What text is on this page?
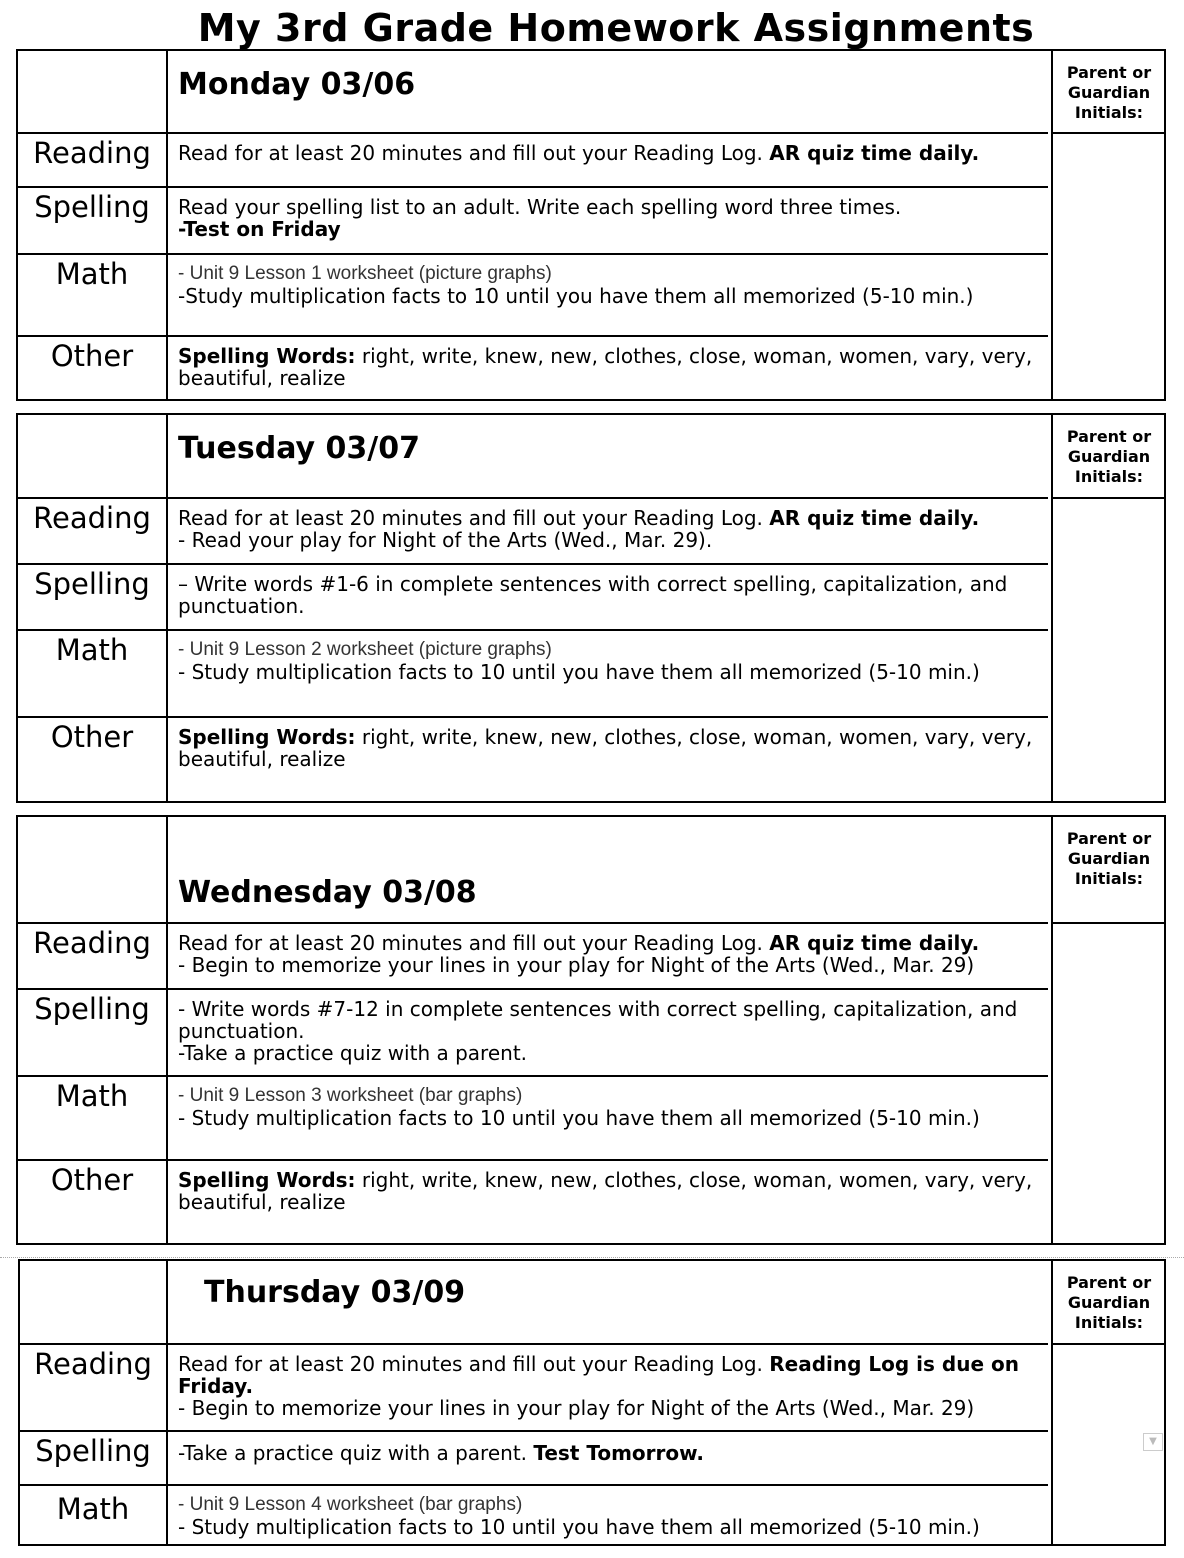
My 3rd Grade Homework Assignments
Monday 03/06	Parent or Guardian Initials:
Reading	Read for at least 20 minutes and fill out your Reading Log. AR quiz time daily.
Spelling	Read your spelling list to an adult. Write each spelling word three times.
-Test on Friday
Math	- Unit 9 Lesson 1 worksheet (picture graphs)
-Study multiplication facts to 10 until you have them all memorized (5-10 min.)
Other	Spelling Words: right, write, knew, new, clothes, close, woman, women, vary, very, beautiful, realize
Tuesday 03/07	Parent or Guardian Initials:
Reading	Read for at least 20 minutes and fill out your Reading Log. AR quiz time daily.
- Read your play for Night of the Arts (Wed., Mar. 29).
Spelling	– Write words #1-6 in complete sentences with correct spelling, capitalization, and punctuation.
Math	- Unit 9 Lesson 2 worksheet (picture graphs)
- Study multiplication facts to 10 until you have them all memorized (5-10 min.)
Other	Spelling Words: right, write, knew, new, clothes, close, woman, women, vary, very, beautiful, realize
Wednesday 03/08
Parent or Guardian Initials:
Reading	Read for at least 20 minutes and fill out your Reading Log. AR quiz time daily.
- Begin to memorize your lines in your play for Night of the Arts (Wed., Mar. 29)
Spelling	- Write words #7-12 in complete sentences with correct spelling, capitalization, and punctuation.
-Take a practice quiz with a parent.
Math	- Unit 9 Lesson 3 worksheet (bar graphs)
- Study multiplication facts to 10 until you have them all memorized (5-10 min.)
Other	Spelling Words: right, write, knew, new, clothes, close, woman, women, vary, very, beautiful, realize
Thursday 03/09	Parent or Guardian Initials:
Reading	Read for at least 20 minutes and fill out your Reading Log. Reading Log is due on Friday.
- Begin to memorize your lines in your play for Night of the Arts (Wed., Mar. 29)
Spelling	-Take a practice quiz with a parent. Test Tomorrow.
Math	- Unit 9 Lesson 4 worksheet (bar graphs)
- Study multiplication facts to 10 until you have them all memorized (5-10 min.)
▼
